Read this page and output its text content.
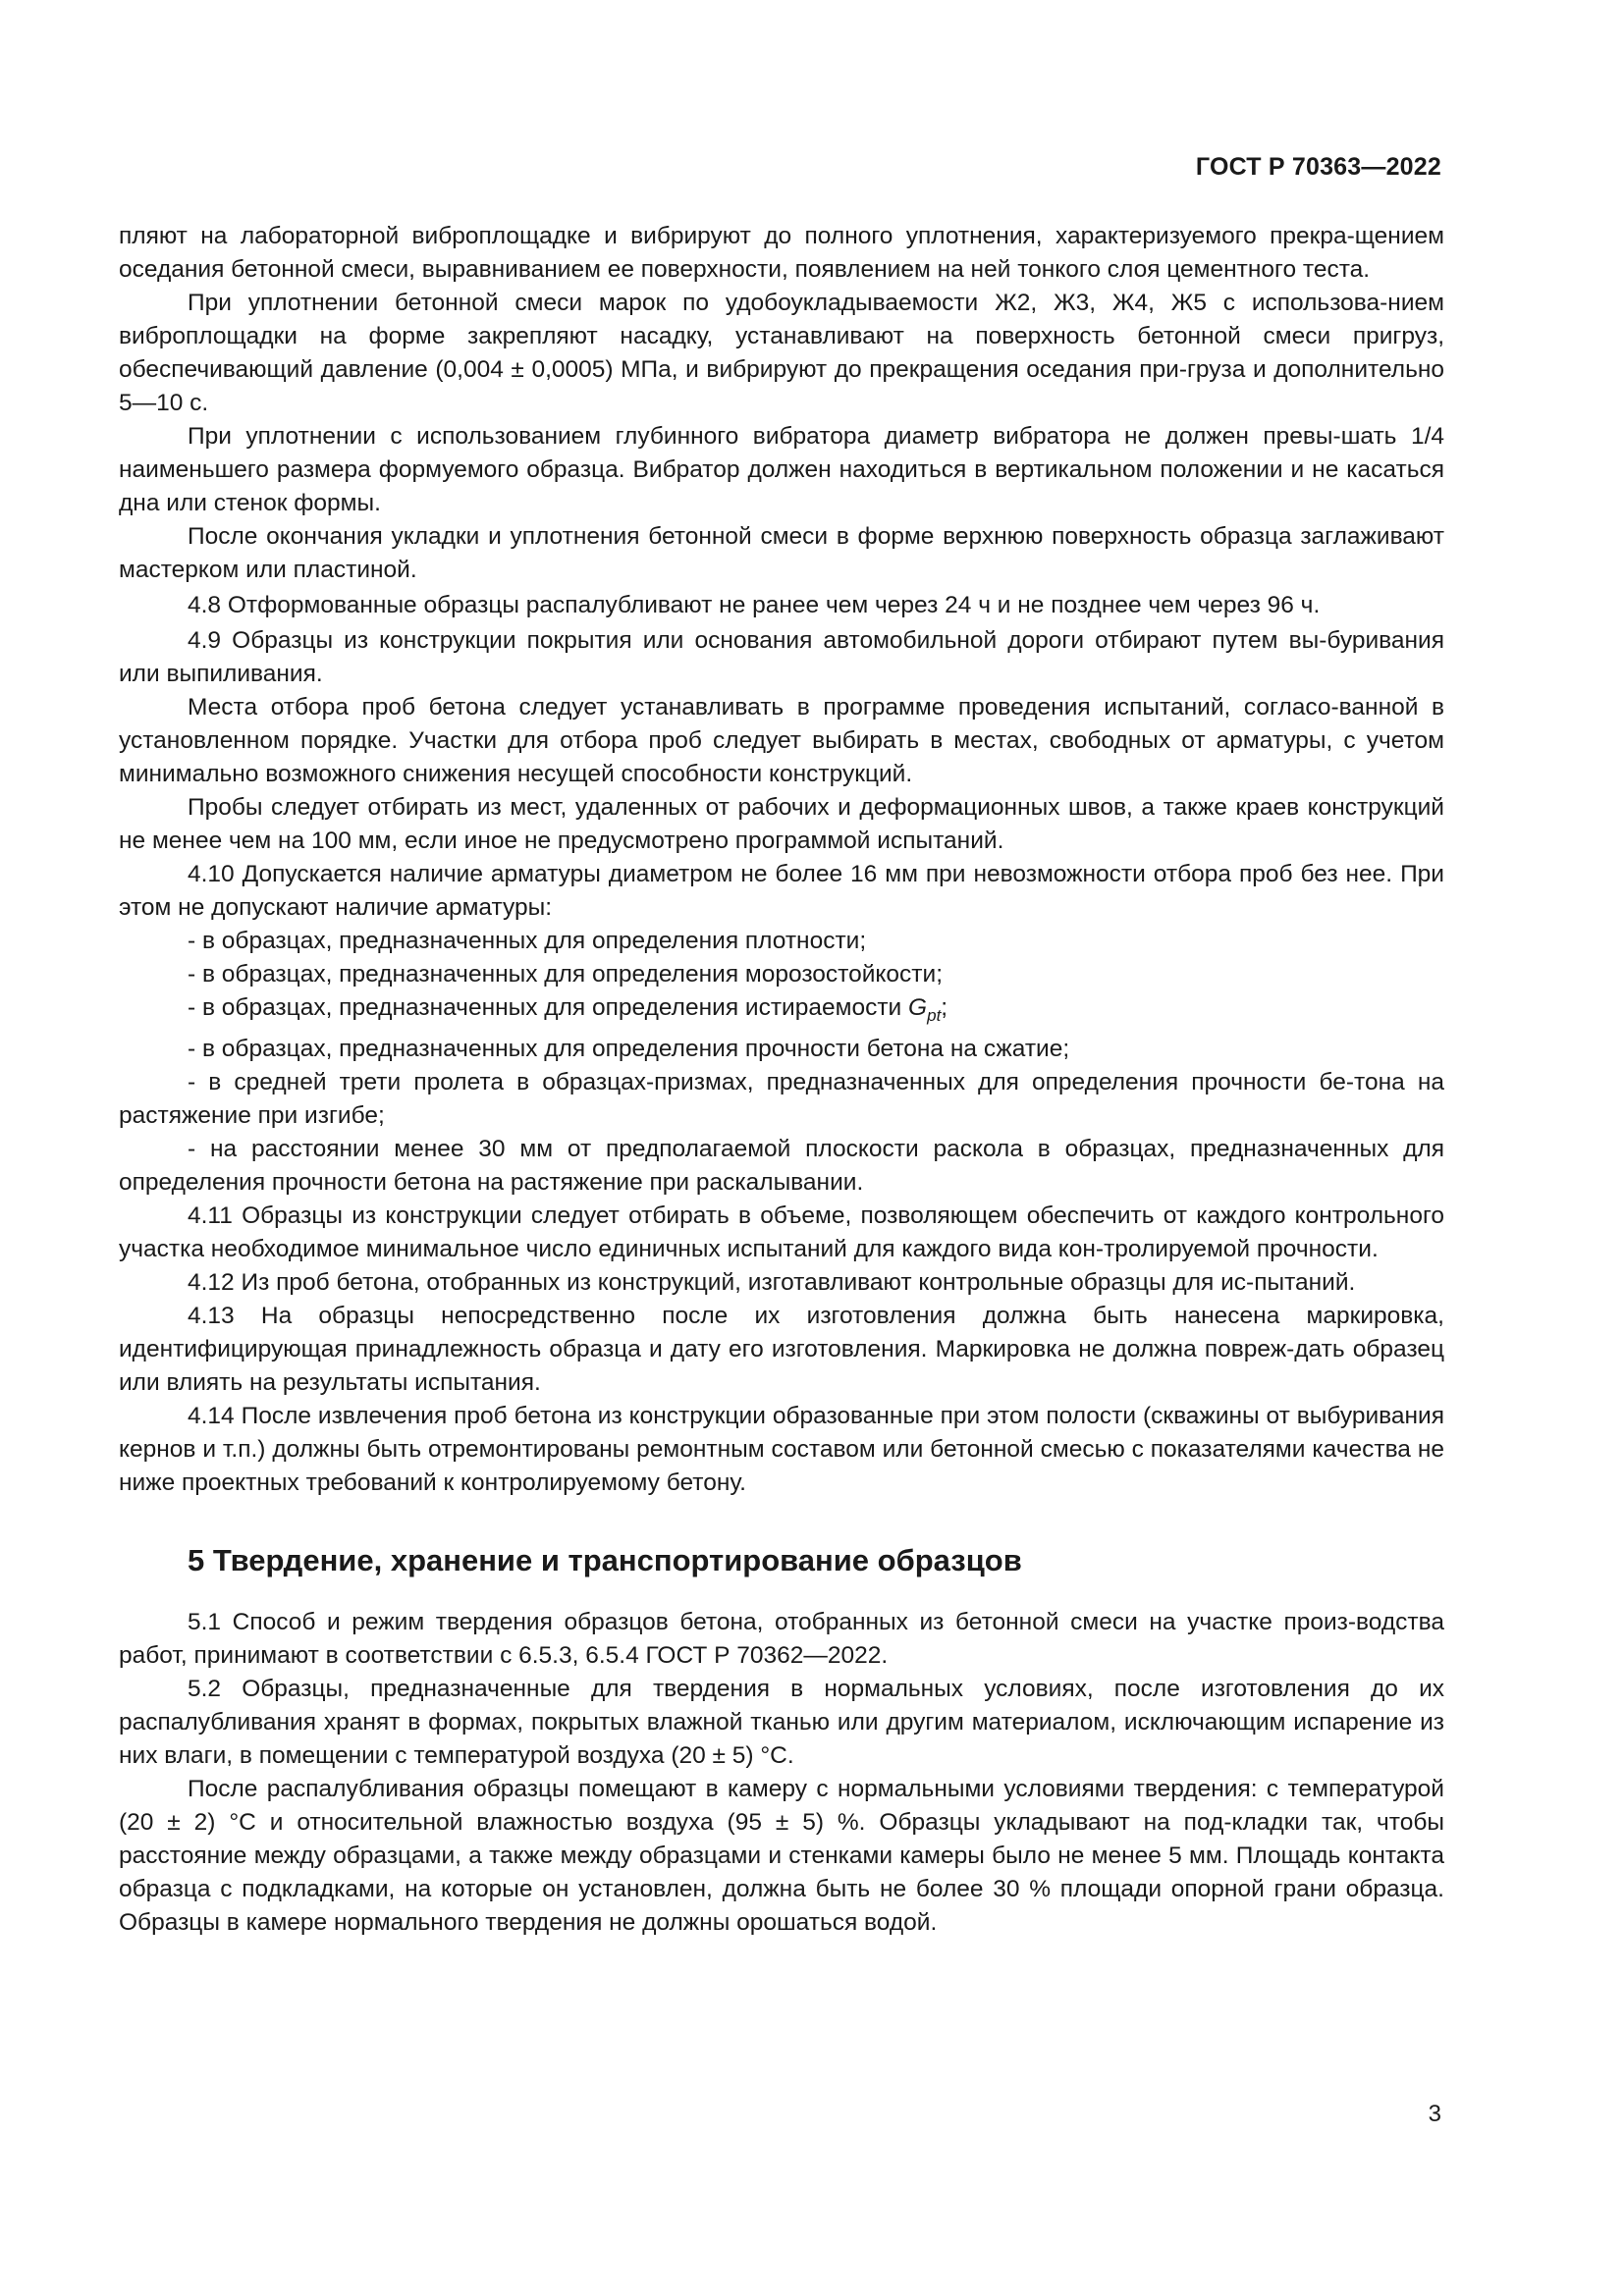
ГОСТ Р 70363—2022

пляют на лабораторной виброплощадке и вибрируют до полного уплотнения, характеризуемого прекра-щением оседания бетонной смеси, выравниванием ее поверхности, появлением на ней тонкого слоя цементного теста.

При уплотнении бетонной смеси марок по удобоукладываемости Ж2, Ж3, Ж4, Ж5 с использова-нием виброплощадки на форме закрепляют насадку, устанавливают на поверхность бетонной смеси пригруз, обеспечивающий давление (0,004 ± 0,0005) МПа, и вибрируют до прекращения оседания при-груза и дополнительно 5—10 с.

При уплотнении с использованием глубинного вибратора диаметр вибратора не должен превы-шать 1/4 наименьшего размера формуемого образца. Вибратор должен находиться в вертикальном положении и не касаться дна или стенок формы.

После окончания укладки и уплотнения бетонной смеси в форме верхнюю поверхность образца заглаживают мастерком или пластиной.

4.8 Отформованные образцы распалубливают не ранее чем через 24 ч и не позднее чем через 96 ч.

4.9 Образцы из конструкции покрытия или основания автомобильной дороги отбирают путем вы-буривания или выпиливания.

Места отбора проб бетона следует устанавливать в программе проведения испытаний, согласо-ванной в установленном порядке. Участки для отбора проб следует выбирать в местах, свободных от арматуры, с учетом минимально возможного снижения несущей способности конструкций.

Пробы следует отбирать из мест, удаленных от рабочих и деформационных швов, а также краев конструкций не менее чем на 100 мм, если иное не предусмотрено программой испытаний.

4.10 Допускается наличие арматуры диаметром не более 16 мм при невозможности отбора проб без нее. При этом не допускают наличие арматуры:

- в образцах, предназначенных для определения плотности;

- в образцах, предназначенных для определения морозостойкости;

- в образцах, предназначенных для определения истираемости $G_{pt}$;

- в образцах, предназначенных для определения прочности бетона на сжатие;

- в средней трети пролета в образцах-призмах, предназначенных для определения прочности бе-тона на растяжение при изгибе;

- на расстоянии менее 30 мм от предполагаемой плоскости раскола в образцах, предназначенных для определения прочности бетона на растяжение при раскалывании.

4.11 Образцы из конструкции следует отбирать в объеме, позволяющем обеспечить от каждого контрольного участка необходимое минимальное число единичных испытаний для каждого вида кон-тролируемой прочности.

4.12 Из проб бетона, отобранных из конструкций, изготавливают контрольные образцы для ис-пытаний.

4.13 На образцы непосредственно после их изготовления должна быть нанесена маркировка, идентифицирующая принадлежность образца и дату его изготовления. Маркировка не должна повреж-дать образец или влиять на результаты испытания.

4.14 После извлечения проб бетона из конструкции образованные при этом полости (скважины от выбуривания кернов и т.п.) должны быть отремонтированы ремонтным составом или бетонной смесью с показателями качества не ниже проектных требований к контролируемому бетону.

5 Твердение, хранение и транспортирование образцов

5.1 Способ и режим твердения образцов бетона, отобранных из бетонной смеси на участке произ-водства работ, принимают в соответствии с 6.5.3, 6.5.4 ГОСТ Р 70362—2022.

5.2 Образцы, предназначенные для твердения в нормальных условиях, после изготовления до их распалубливания хранят в формах, покрытых влажной тканью или другим материалом, исключающим испарение из них влаги, в помещении с температурой воздуха (20 ± 5) °С.

После распалубливания образцы помещают в камеру с нормальными условиями твердения: с температурой (20 ± 2) °С и относительной влажностью воздуха (95 ± 5) %. Образцы укладывают на под-кладки так, чтобы расстояние между образцами, а также между образцами и стенками камеры было не менее 5 мм. Площадь контакта образца с подкладками, на которые он установлен, должна быть не более 30 % площади опорной грани образца. Образцы в камере нормального твердения не должны орошаться водой.

3
